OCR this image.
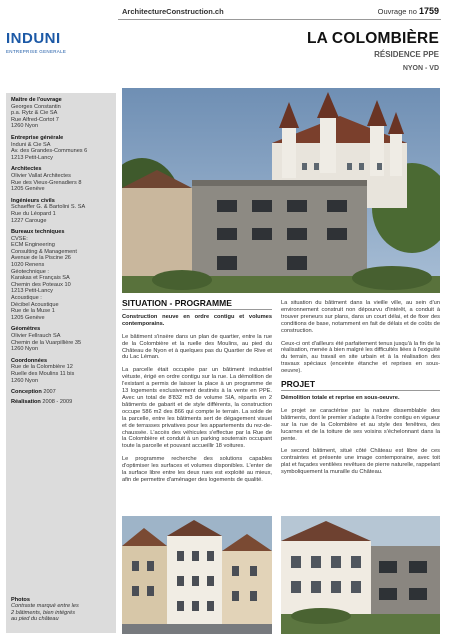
ArchitectureConstruction.ch	Ouvrage no 1759
INDUNI
ENTREPRISE GENERALE
LA COLOMBIÈRE
RÉSIDENCE PPE
NYON - VD
Maître de l'ouvrage
Georges Constantin
p.a. Rytz & Cie SA
Rue Alfred-Cortot 7
1260 Nyon
Entreprise générale
Induni & Cie SA
Av. des Grandes-Communes 6
1213 Petit-Lancy
Architectes
Olivier Vallat Architectes
Rue des Vieux-Grenadiers 8
1205 Genève
Ingénieurs civils
Schaeffer G. & Bartolini S. SA
Rue du Léopard 1
1227 Carouge
Bureaux techniques
CVSE:
ECM Engineering
Consulting & Management
Avenue de la Piscine 26
1020 Renens
Géotechnique :
Karakas et Français SA
Chemin des Poteaux 10
1213 Petit-Lancy
Acoustique :
Décibel Acoustique
Rue de la Muse 1
1205 Genève
Géomètres
Olivier Fellrauch SA
Chemin de la Vuarpillière 35
1260 Nyon
Coordonnées
Rue de la Colombière 12
Ruelle des Moulins 11 bis
1260 Nyon
Conception 2007
Réalisation 2008 - 2009
Photos
Contraste marqué entre les
2 bâtiments, bien intégrés
au pied du château
SITUATION - PROGRAMME

Construction neuve en ordre contigu et volumes contemporains.

Le bâtiment s'insère dans un plan de quartier, entre la rue de la Colombière et la ruelle des Moulins, au pied du Château de Nyon et à quelques pas du Quartier de Rive et du Lac Léman.

La parcelle était occupée par un bâtiment industriel vétuste, érigé en ordre contigu sur la rue. La démolition de l'existant a permis de laisser la place à un programme de 13 logements exclusivement destinés à la vente en PPE. Avec un total de 8'832 m3 de volume SIA, répartis en 2 bâtiments de gabarit et de style différents, la construction occupe 586 m2 des 866 qui compte le terrain. La solde de la parcelle, entre les bâtiments sert de dégagement visuel et de terrasses privatives pour les appartements du rez-de-chaussée. L'accès des véhicules s'effectue par la Rue de la Colombière et conduit à un parking souterrain occupant toute la parcelle et pouvant accueillir 18 voitures.

Le programme recherche des solutions capables d'optimiser les surfaces et volumes disponibles. L'enter de la surface libre entre les deux rues est exploité au mieux, afin de permettre d'aménager des logements de qualité.

La situation du bâtiment dans la vieille ville, au sein d'un environnement construit non dépourvu d'intérêt, a conduit à trouver preneurs sur plans, dans un court délai, et de fixer des conditions de base, notamment en fait de délais et de coûts de construction.

Ceux-ci ont d'ailleurs été parfaitement tenus jusqu'à la fin de la réalisation, menée à bien malgré les difficultés liées à l'exiguïté du terrain, au travail en site urbain et à la réalisation des travaux spéciaux (enceinte étanche et reprises en sous-oeuvre).

PROJET

Démolition totale et reprise en sous-oeuvre.

Le projet se caractérise par la nature dissemblable des bâtiments, dont le premier s'adapte à l'ordre contigu en vigueur sur la rue de la Colombière et au style des fenêtres, des lucarnes et de la toiture de ses voisins s'échelonnant dans la pente.

Le second bâtiment, situé côté Château est libre de ces contraintes et présente une image contemporaine, avec toit plat et façades ventilées revêtues de pierre naturelle, rappelant symboliquement la muraille du Château.
